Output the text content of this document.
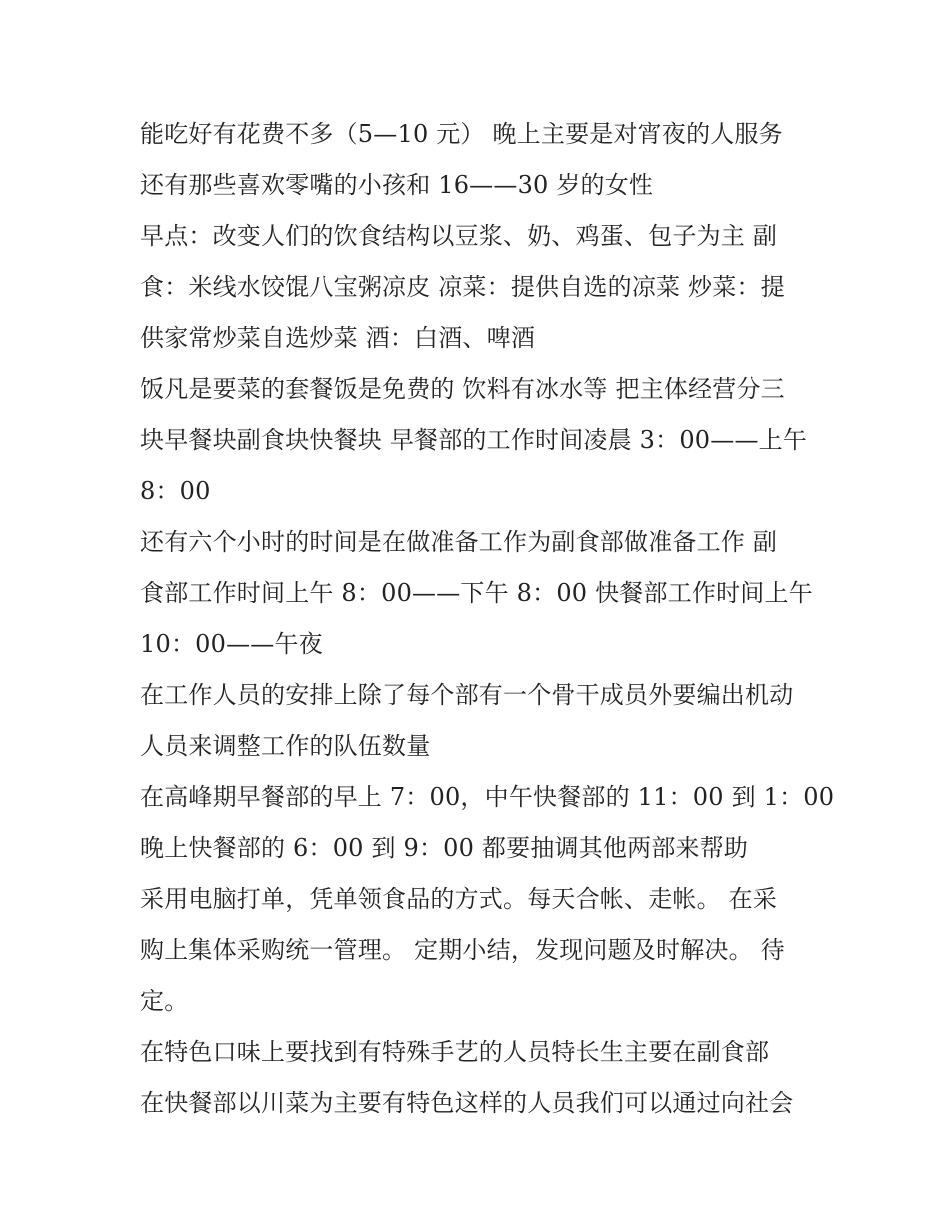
能吃好有花费不多（5—10 元） 晚上主要是对宵夜的人服务
还有那些喜欢零嘴的小孩和 16——30 岁的女性
早点：改变人们的饮食结构以豆浆、奶、鸡蛋、包子为主 副
食：米线水饺馄八宝粥凉皮 凉菜：提供自选的凉菜 炒菜：提
供家常炒菜自选炒菜 酒：白酒、啤酒
饭凡是要菜的套餐饭是免费的 饮料有冰水等 把主体经营分三
块早餐块副食块快餐块 早餐部的工作时间凌晨 3：00——上午
8：00
还有六个小时的时间是在做准备工作为副食部做准备工作 副
食部工作时间上午 8：00——下午 8：00 快餐部工作时间上午
10：00——午夜
在工作人员的安排上除了每个部有一个骨干成员外要编出机动
人员来调整工作的队伍数量
在高峰期早餐部的早上 7：00，中午快餐部的 11：00 到 1：00
晚上快餐部的 6：00 到 9：00 都要抽调其他两部来帮助
采用电脑打单，凭单领食品的方式。每天合帐、走帐。 在采
购上集体采购统一管理。 定期小结，发现问题及时解决。 待
定。
在特色口味上要找到有特殊手艺的人员特长生主要在副食部
在快餐部以川菜为主要有特色这样的人员我们可以通过向社会
